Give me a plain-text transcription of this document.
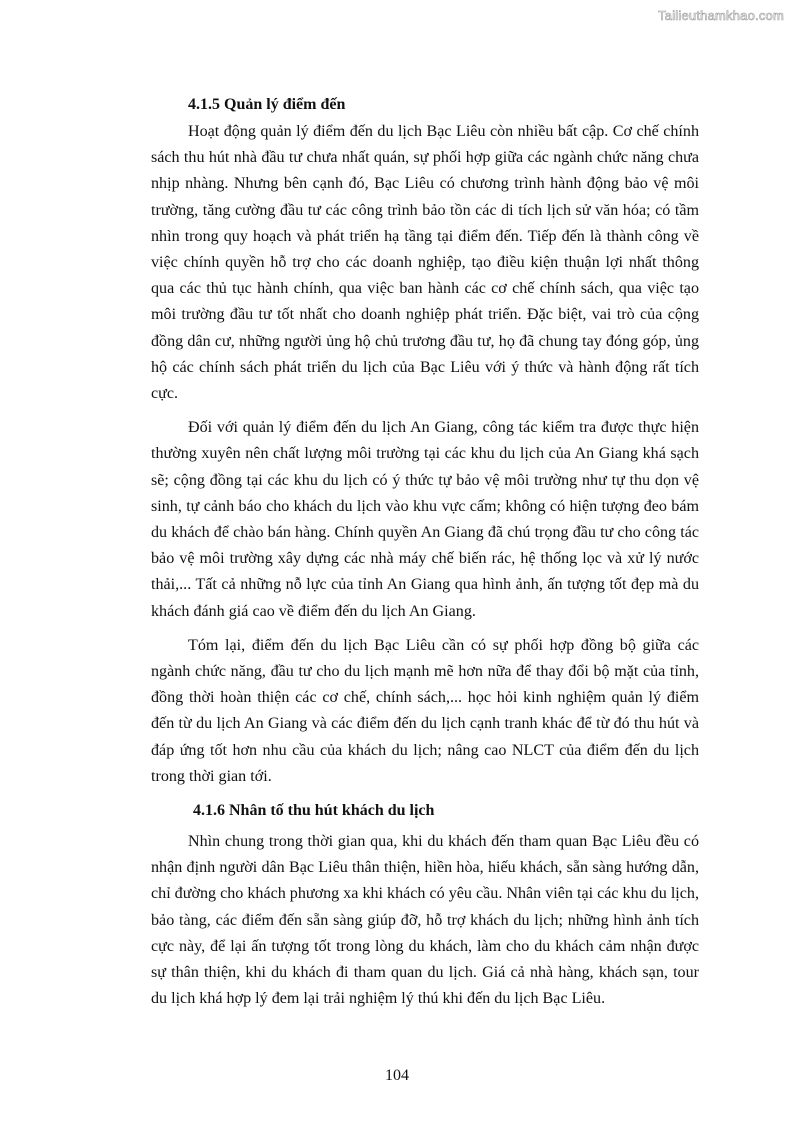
Tailieuthamkhao.com
4.1.5 Quản lý điểm đến

Hoạt động quản lý điểm đến du lịch Bạc Liêu còn nhiều bất cập. Cơ chế chính sách thu hút nhà đầu tư chưa nhất quán, sự phối hợp giữa các ngành chức năng chưa nhịp nhàng. Nhưng bên cạnh đó, Bạc Liêu có chương trình hành động bảo vệ môi trường, tăng cường đầu tư các công trình bảo tồn các di tích lịch sử văn hóa; có tầm nhìn trong quy hoạch và phát triển hạ tầng tại điểm đến. Tiếp đến là thành công về việc chính quyền hỗ trợ cho các doanh nghiệp, tạo điều kiện thuận lợi nhất thông qua các thủ tục hành chính, qua việc ban hành các cơ chế chính sách, qua việc tạo môi trường đầu tư tốt nhất cho doanh nghiệp phát triển. Đặc biệt, vai trò của cộng đồng dân cư, những người ủng hộ chủ trương đầu tư, họ đã chung tay đóng góp, ủng hộ các chính sách phát triển du lịch của Bạc Liêu với ý thức và hành động rất tích cực.

Đối với quản lý điểm đến du lịch An Giang, công tác kiểm tra được thực hiện thường xuyên nên chất lượng môi trường tại các khu du lịch của An Giang khá sạch sẽ; cộng đồng tại các khu du lịch có ý thức tự bảo vệ môi trường như tự thu dọn vệ sinh, tự cảnh báo cho khách du lịch vào khu vực cấm; không có hiện tượng đeo bám du khách để chào bán hàng. Chính quyền An Giang đã chú trọng đầu tư cho công tác bảo vệ môi trường xây dựng các nhà máy chế biến rác, hệ thống lọc và xử lý nước thải,... Tất cả những nỗ lực của tỉnh An Giang qua hình ảnh, ấn tượng tốt đẹp mà du khách đánh giá cao về điểm đến du lịch An Giang.

Tóm lại, điểm đến du lịch Bạc Liêu cần có sự phối hợp đồng bộ giữa các ngành chức năng, đầu tư cho du lịch mạnh mẽ hơn nữa để thay đổi bộ mặt của tỉnh, đồng thời hoàn thiện các cơ chế, chính sách,... học hỏi kinh nghiệm quản lý điểm đến từ du lịch An Giang và các điểm đến du lịch cạnh tranh khác để từ đó thu hút và đáp ứng tốt hơn nhu cầu của khách du lịch; nâng cao NLCT của điểm đến du lịch trong thời gian tới.

4.1.6 Nhân tố thu hút khách du lịch

Nhìn chung trong thời gian qua, khi du khách đến tham quan Bạc Liêu đều có nhận định người dân Bạc Liêu thân thiện, hiền hòa, hiếu khách, sẵn sàng hướng dẫn, chỉ đường cho khách phương xa khi khách có yêu cầu. Nhân viên tại các khu du lịch, bảo tàng, các điểm đến sẵn sàng giúp đỡ, hỗ trợ khách du lịch; những hình ảnh tích cực này, để lại ấn tượng tốt trong lòng du khách, làm cho du khách cảm nhận được sự thân thiện, khi du khách đi tham quan du lịch. Giá cả nhà hàng, khách sạn, tour du lịch khá hợp lý đem lại trải nghiệm lý thú khi đến du lịch Bạc Liêu.

104
